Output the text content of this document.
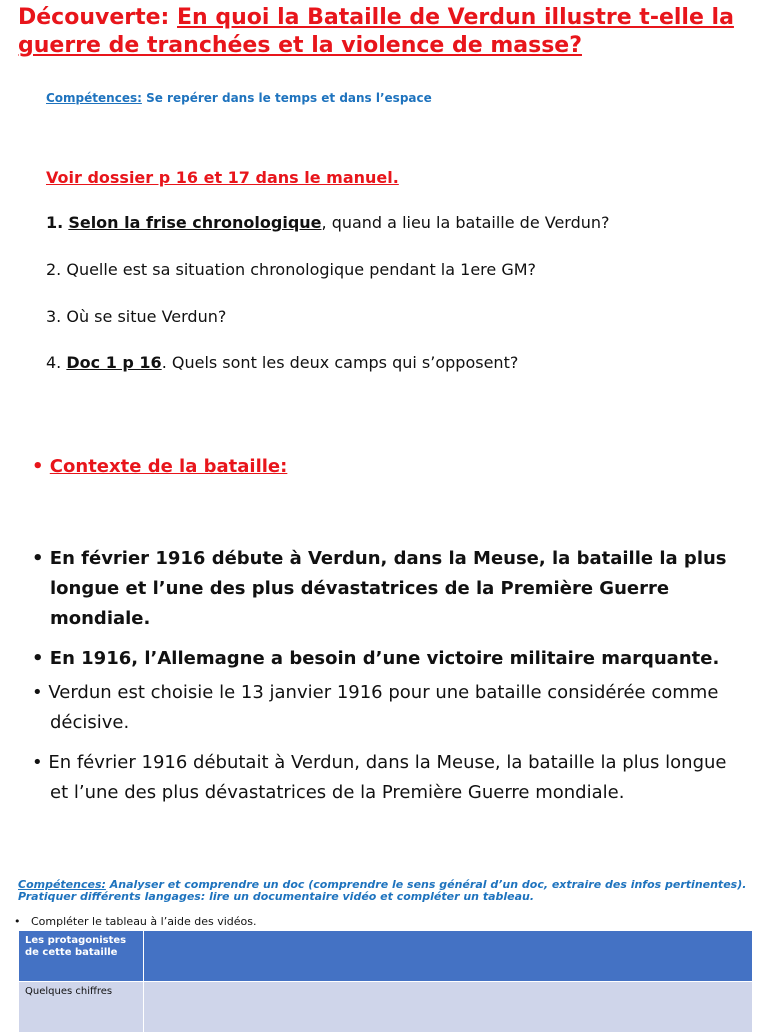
Découverte: En quoi la Bataille de Verdun illustre t-elle la guerre de tranchées et la violence de masse?
Compétences: Se repérer dans le temps et dans l’espace
Voir dossier p 16 et 17 dans le manuel.
1. Selon la frise chronologique, quand a lieu la bataille de Verdun?
2. Quelle est sa situation chronologique pendant la 1ere GM?
3. Où se situe Verdun?
4. Doc 1 p 16. Quels sont les deux camps qui s’opposent?
• Contexte de la bataille:
• En février 1916 débute à Verdun, dans la Meuse, la bataille la plus longue et l’une des plus dévastatrices de la Première Guerre mondiale.
• En 1916, l’Allemagne a besoin d’une victoire militaire marquante.
• Verdun est choisie le 13 janvier 1916 pour une bataille considérée comme décisive.
• En février 1916 débutait à Verdun, dans la Meuse, la bataille la plus longue et l’une des plus dévastatrices de la Première Guerre mondiale.
Compétences: Analyser et comprendre un doc (comprendre le sens général d’un doc, extraire des infos pertinentes). Pratiquer différents langages: lire un documentaire vidéo et compléter un tableau.
•   Compléter le tableau à l’aide des vidéos.
Les protagonistes de cette bataille	
Quelques chiffres	
